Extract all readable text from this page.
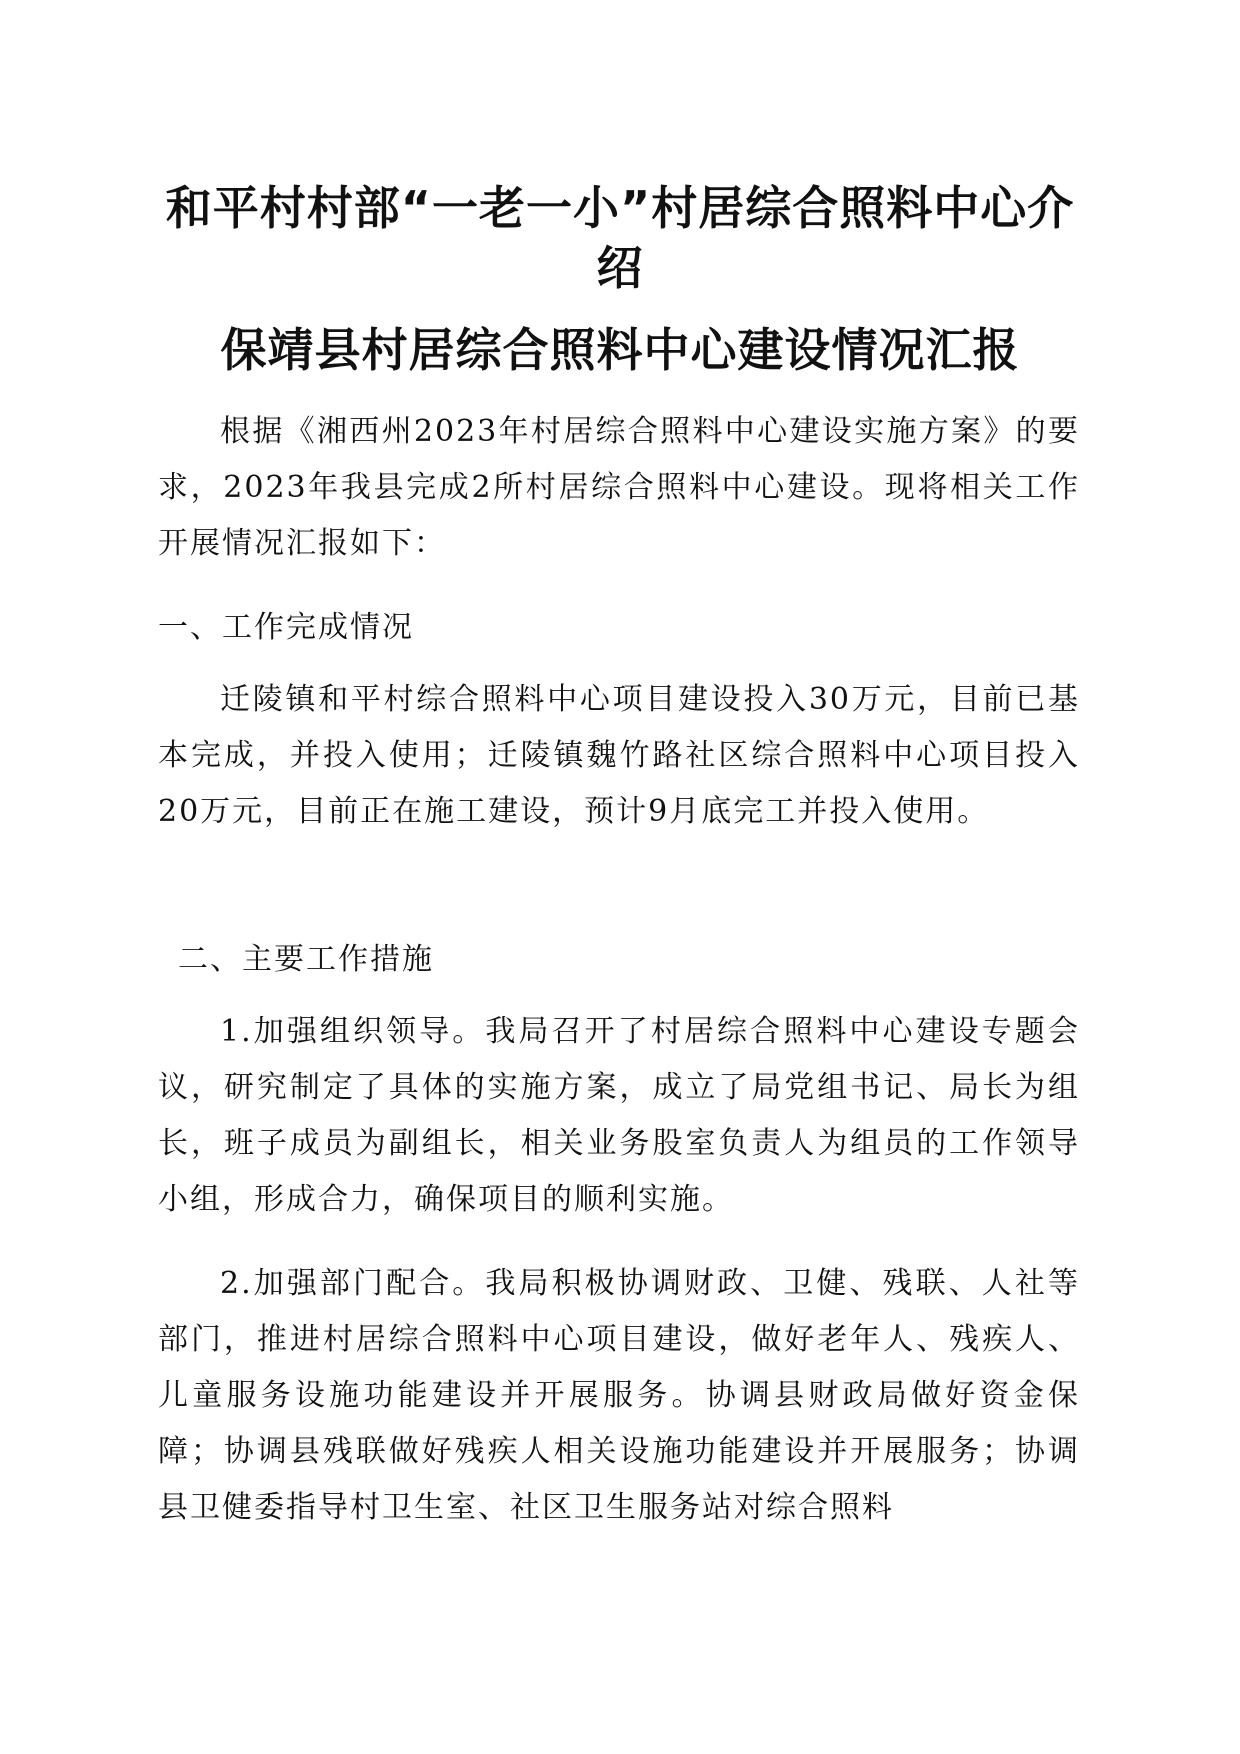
和平村村部“一老一小”村居综合照料中心介绍
保靖县村居综合照料中心建设情况汇报

根据《湘西州2023年村居综合照料中心建设实施方案》的要求，2023年我县完成2所村居综合照料中心建设。现将相关工作开展情况汇报如下：

一、工作完成情况

迁陵镇和平村综合照料中心项目建设投入30万元，目前已基本完成，并投入使用；迁陵镇魏竹路社区综合照料中心项目投入20万元，目前正在施工建设，预计9月底完工并投入使用。

二、主要工作措施

1.加强组织领导。我局召开了村居综合照料中心建设专题会议，研究制定了具体的实施方案，成立了局党组书记、局长为组长，班子成员为副组长，相关业务股室负责人为组员的工作领导小组，形成合力，确保项目的顺利实施。

2.加强部门配合。我局积极协调财政、卫健、残联、人社等部门，推进村居综合照料中心项目建设，做好老年人、残疾人、儿童服务设施功能建设并开展服务。协调县财政局做好资金保障；协调县残联做好残疾人相关设施功能建设并开展服务；协调县卫健委指导村卫生室、社区卫生服务站对综合照料
